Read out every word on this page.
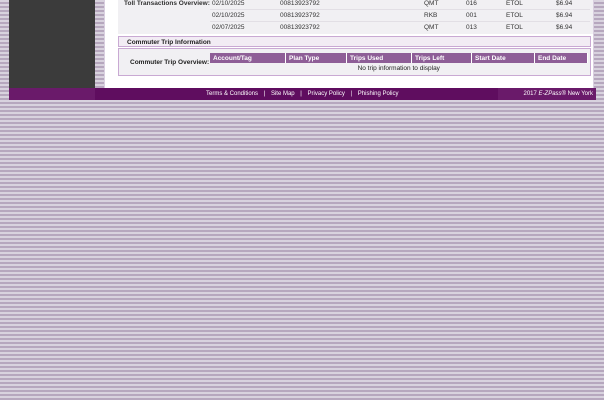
Toll Transactions Overview: 02/10/2025	00813923792	QMT	016	ETOL	$6.94
02/10/2025	00813923792	RKB	001	ETOL	$6.94
02/07/2025	00813923792	QMT	013	ETOL	$6.94
Commuter Trip Information
Commuter Trip Overview:
Account/Tag	Plan Type	Trips Used	Trips Left	Start Date	End Date
No trip information to display
Terms & Conditions | Site Map | Privacy Policy | Phishing Policy	2017 E-ZPass® New York
